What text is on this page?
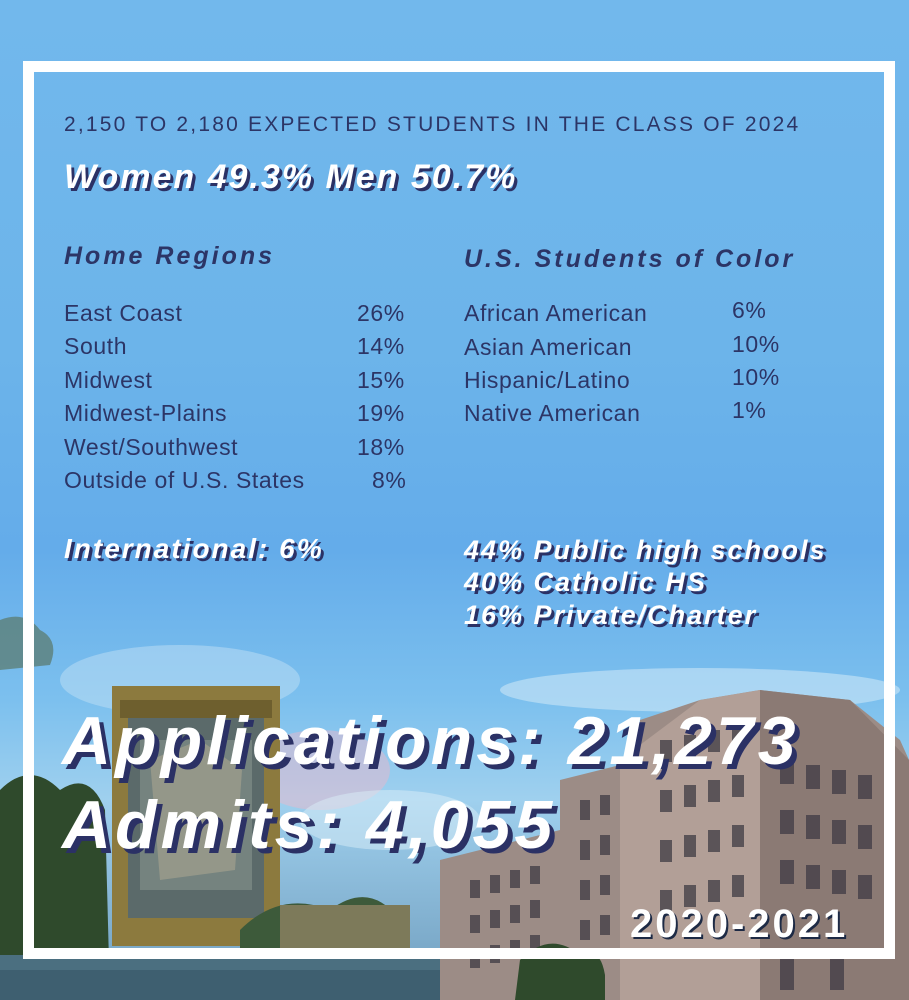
2,150 TO 2,180 EXPECTED STUDENTS IN THE CLASS OF 2024
Women 49.3% Men 50.7%
Home Regions	U.S. Students of Color
East Coast	26%
South	14%
Midwest	15%
Midwest-Plains	19%
West/Southwest	18%
Outside of U.S. States	8%
African American	6%
Asian American	10%
Hispanic/Latino	10%
Native American	1%
International: 6%	44% Public high schools
40% Catholic HS
16% Private/Charter
Applications: 21,273
Admits: 4,055
2020-2021
